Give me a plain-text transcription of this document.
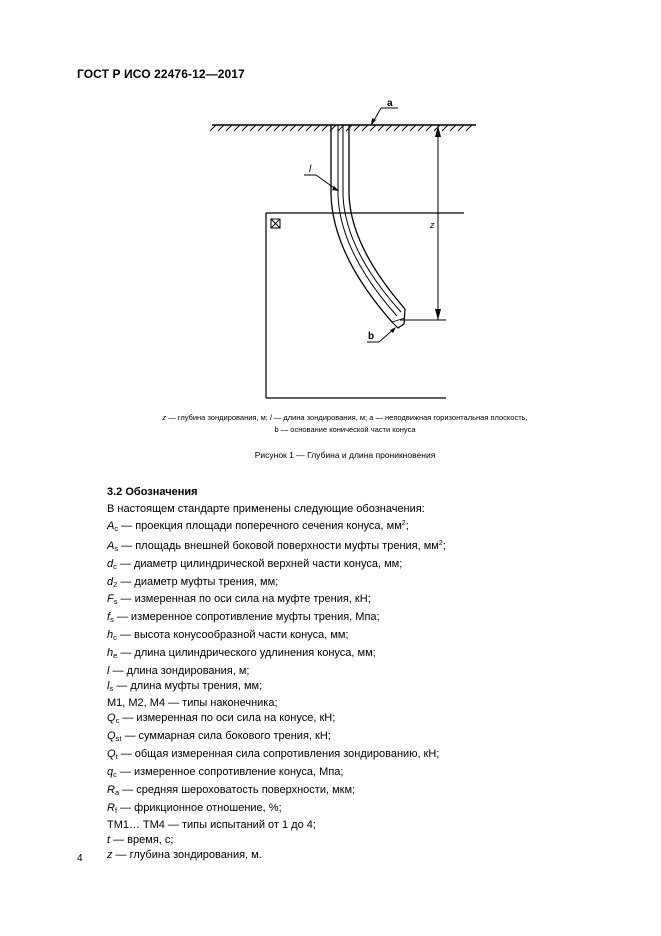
ГОСТ Р ИСО 22476-12—2017
a
l
b
z
z — глубина зондирования, м; l — длина зондирования, м; a — неподвижная горизонтальная плоскость,
b — основание конической части конуса
Рисунок 1 — Глубина и длина проникновения
3.2 Обозначения
В настоящем стандарте применены следующие обозначения:
$A_c$ — проекция площади поперечного сечения конуса, $мм^2$;
$A_s$ — площадь внешней боковой поверхности муфты трения, $мм^2$;
$d_c$ — диаметр цилиндрической верхней части конуса, мм;
$d_2$ — диаметр муфты трения, мм;
$F_s$ — измеренная по оси сила на муфте трения, кН;
$f_s$ — измеренное сопротивление муфты трения, Мпа;
$h_c$ — высота конусообразной части конуса, мм;
$h_e$ — длина цилиндрического удлинения конуса, мм;
l — длина зондирования, м;
$l_s$ — длина муфты трения, мм;
M1, M2, M4 — типы наконечника;
$Q_c$ — измеренная по оси сила на конусе, кН;
$Q_{st}$ — суммарная сила бокового трения, кН;
$Q_t$ — общая измеренная сила сопротивления зондированию, кН;
$q_c$ — измеренное сопротивление конуса, Мпа;
$R_a$ — средняя шероховатость поверхности, мкм;
$R_f$ — фрикционное отношение, %;
TM1… TM4 — типы испытаний от 1 до 4;
t — время, с;
z — глубина зондирования, м.
4
